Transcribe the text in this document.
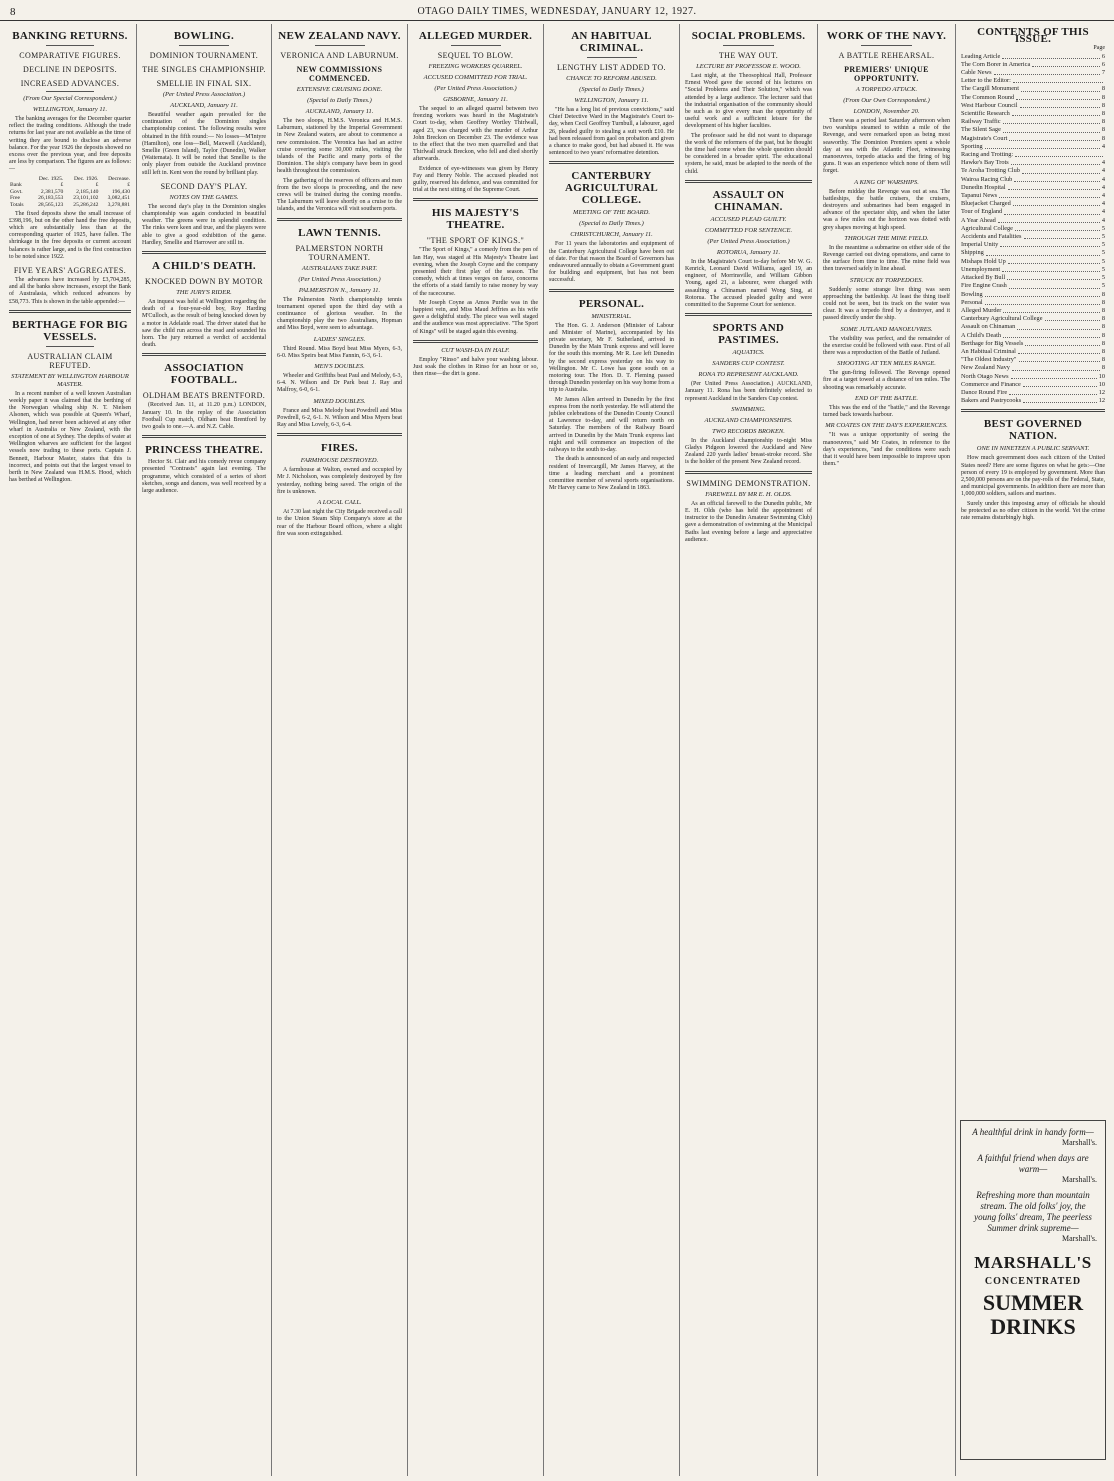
8	OTAGO DAILY TIMES, WEDNESDAY, JANUARY 12, 1927.
BANKING RETURNS.
COMPARATIVE FIGURES.
DECLINE IN DEPOSITS.
INCREASED ADVANCES.
(From Our Special Correspondent.)
WELLINGTON, January 11.

The banking averages for the December quarter reflect the trading conditions. Although the trade returns for last year are not available as the time of writing they are bound to disclose an adverse balance. For the year 1926 the deposits showed no excess over the previous year, and free deposits are less by comparison. The figures are as follows:—

	Dec. 1925.	Dec. 1926.	Decrease.
Bank	£	£	£
Govt.	2,381,570	2,185,140	196,430
Free	26,183,553	23,101,102	3,082,451
Totals	28,565,123	25,286,242	3,278,881

The fixed deposits show the small increase of £398,196, but on the other hand the free deposits, which are substantially less than at the corresponding quarter of 1925, have fallen. The shrinkage in the free deposits or current account balances is rather large, and is the first contraction to be noted since 1922.

FIVE YEARS' AGGREGATES.

The advances have increased by £3,704,285, and all the banks show increases, except the Bank of Australasia, which reduced advances by £58,773. This is shown in the table appended:—

BERTHAGE FOR BIG VESSELS.
AUSTRALIAN CLAIM REFUTED.
STATEMENT BY WELLINGTON HARBOUR MASTER.

In a recent number of a well known Australian weekly paper it was claimed that the berthing of the Norwegian whaling ship N. T. Nielsen Alsonen, which was possible at Queen's Wharf, Wellington, had never been achieved at any other wharf in Australia or New Zealand, with the exception of one at Sydney. The depths of water at Wellington wharves are sufficient for the largest vessels now trading to these ports. Captain J. Bennett, Harbour Master, states that this is incorrect, and points out that the largest vessel to berth in New Zealand was H.M.S. Hood, which has berthed at Wellington.

BOWLING.
DOMINION TOURNAMENT.
THE SINGLES CHAMPIONSHIP.
SMELLIE IN FINAL SIX.
(Per United Press Association.)
AUCKLAND, January 11.

Beautiful weather again prevailed for the continuation of the Dominion singles championship contest. The following results were obtained in the fifth round:— No losses—M'Intyre (Hamilton), one loss—Bell, Maxwell (Auckland), Smellie (Green Island), Taylor (Dunedin), Walker (Waitemata). It will be noted that Smellie is the only player from outside the Auckland province still left in. Kent won the round by brilliant play.

SECOND DAY'S PLAY.
NOTES ON THE GAMES.

The second day's play in the Dominion singles championship was again conducted in beautiful weather. The greens were in splendid condition. The rinks were keen and true, and the players were able to give a good exhibition of the game. Hardley, Smellie and Harrower are still in.

A CHILD'S DEATH.
KNOCKED DOWN BY MOTOR
THE JURY'S RIDER.

An inquest was held at Wellington regarding the death of a four-year-old boy, Roy Harding M'Culloch, as the result of being knocked down by a motor in Adelaide road. The driver stated that he saw the child run across the road and sounded his horn. The jury returned a verdict of accidental death.

ASSOCIATION FOOTBALL.
OLDHAM BEATS BRENTFORD.

(Received Jan. 11, at 11.20 p.m.) LONDON, January 10. In the replay of the Association Football Cup match, Oldham beat Brentford by two goals to one.—A. and N.Z. Cable.

PRINCESS THEATRE.

Hector St. Clair and his comedy revue company presented "Contrasts" again last evening. The programme, which consisted of a series of short sketches, songs and dances, was well received by a large audience.

NEW ZEALAND NAVY.
VERONICA AND LABURNUM.
NEW COMMISSIONS COMMENCED.
EXTENSIVE CRUISING DONE.
(Special to Daily Times.)
AUCKLAND, January 11.

The two sloops, H.M.S. Veronica and H.M.S. Laburnum, stationed by the Imperial Government in New Zealand waters, are about to commence a new commission. The Veronica has had an active cruise covering some 30,000 miles, visiting the islands of the Pacific and many ports of the Dominion. The ship's company have been in good health throughout the commission.

The gathering of the reserves of officers and men from the two sloops is proceeding, and the new crews will be trained during the coming months. The Laburnum will leave shortly on a cruise to the islands, and the Veronica will visit southern ports.

LAWN TENNIS.
PALMERSTON NORTH TOURNAMENT.
AUSTRALIANS TAKE PART.
(Per United Press Association.)
PALMERSTON N., January 11.

The Palmerston North championship tennis tournament opened upon the third day with a continuance of glorious weather. In the championship play the two Australians, Hopman and Miss Boyd, were seen to advantage.

LADIES' SINGLES.

Third Round. Miss Boyd beat Miss Myers, 6-3, 6-0. Miss Speirs beat Miss Fannin, 6-3, 6-1.

MEN'S DOUBLES.

Wheeler and Griffiths beat Paul and Melody, 6-3, 6-4. N. Wilson and Dr Park beat J. Ray and Malfroy, 6-0, 6-1.

MIXED DOUBLES.

France and Miss Melody beat Powdrell and Miss Powdrell, 6-2, 6-1. N. Wilson and Miss Myers beat Ray and Miss Lovely, 6-3, 6-4.

FIRES.
FARMHOUSE DESTROYED.

A farmhouse at Walton, owned and occupied by Mr J. Nicholson, was completely destroyed by fire yesterday, nothing being saved. The origin of the fire is unknown.

A LOCAL CALL.

At 7.30 last night the City Brigade received a call to the Union Steam Ship Company's store at the rear of the Harbour Board offices, where a slight fire was soon extinguished.

ALLEGED MURDER.
SEQUEL TO BLOW.
FREEZING WORKERS QUARREL.
ACCUSED COMMITTED FOR TRIAL.
(Per United Press Association.)
GISBORNE, January 11.

The sequel to an alleged quarrel between two freezing workers was heard in the Magistrate's Court to-day, when Geoffrey Wortley Thirlwall, aged 23, was charged with the murder of Arthur John Breckon on December 23. The evidence was to the effect that the two men quarrelled and that Thirlwall struck Breckon, who fell and died shortly afterwards.

Evidence of eye-witnesses was given by Henry Fay and Henry Noble. The accused pleaded not guilty, reserved his defence, and was committed for trial at the next sitting of the Supreme Court.

HIS MAJESTY'S THEATRE.
"THE SPORT OF KINGS."

"The Sport of Kings," a comedy from the pen of Ian Hay, was staged at His Majesty's Theatre last evening, when the Joseph Coyne and the company presented their first play of the season. The comedy, which at times verges on farce, concerns the efforts of a staid family to raise money by way of the racecourse.

Mr Joseph Coyne as Amos Purdie was in the happiest vein, and Miss Maud Jeffries as his wife gave a delightful study. The piece was well staged and the audience was most appreciative. "The Sport of Kings" will be staged again this evening.

CUT WASH-DA IN HALF.

Employ "Rinso" and halve your washing labour. Just soak the clothes in Rinso for an hour or so, then rinse—the dirt is gone.

AN HABITUAL CRIMINAL.
LENGTHY LIST ADDED TO.
CHANCE TO REFORM ABUSED.
(Special to Daily Times.)
WELLINGTON, January 11.

"He has a long list of previous convictions," said Chief Detective Ward in the Magistrate's Court to-day, when Cecil Geoffrey Turnbull, a labourer, aged 26, pleaded guilty to stealing a suit worth £10. He had been released from gaol on probation and given a chance to make good, but had abused it. He was sentenced to two years' reformative detention.

CANTERBURY AGRICULTURAL COLLEGE.
MEETING OF THE BOARD.
(Special to Daily Times.)
CHRISTCHURCH, January 11.

For 11 years the laboratories and equipment of the Canterbury Agricultural College have been out of date. For that reason the Board of Governors has endeavoured annually to obtain a Government grant for building and equipment, but has not been successful.

PERSONAL.
MINISTERIAL.

The Hon. G. J. Anderson (Minister of Labour and Minister of Marine), accompanied by his private secretary, Mr F. Sutherland, arrived in Dunedin by the Main Trunk express and will leave for the south this morning. Mr R. Lee left Dunedin by the second express yesterday on his way to Wellington. Mr C. Lowe has gone south on a motoring tour. The Hon. D. T. Fleming passed through Dunedin yesterday on his way home from a trip to Australia.

Mr James Allen arrived in Dunedin by the first express from the north yesterday. He will attend the jubilee celebrations of the Dunedin County Council at Lawrence to-day, and will return north on Saturday. The members of the Railway Board arrived in Dunedin by the Main Trunk express last night and will commence an inspection of the railways to the south to-day.

The death is announced of an early and respected resident of Invercargill, Mr James Harvey, at the time a leading merchant and a prominent committee member of several sports organisations. Mr Harvey came to New Zealand in 1863.

SOCIAL PROBLEMS.
THE WAY OUT.
LECTURE BY PROFESSOR E. WOOD.

Last night, at the Theosophical Hall, Professor Ernest Wood gave the second of his lectures on "Social Problems and Their Solution," which was attended by a large audience. The lecturer said that the industrial organisation of the community should be such as to give every man the opportunity of useful work and a sufficient leisure for the development of his higher faculties.

The professor said he did not want to disparage the work of the reformers of the past, but he thought the time had come when the whole question should be considered in a broader spirit. The educational system, he said, must be adapted to the needs of the child.

ASSAULT ON CHINAMAN.
ACCUSED PLEAD GUILTY.
COMMITTED FOR SENTENCE.
(Per United Press Association.)
ROTORUA, January 11.

In the Magistrate's Court to-day before Mr W. G. Kenrick, Leonard David Williams, aged 19, an engineer, of Morrinsville, and William Gibbon Young, aged 21, a labourer, were charged with assaulting a Chinaman named Wong Sing, at Rotorua. The accused pleaded guilty and were committed to the Supreme Court for sentence.

SPORTS AND PASTIMES.
AQUATICS.
SANDERS CUP CONTEST.
RONA TO REPRESENT AUCKLAND.

(Per United Press Association.) AUCKLAND, January 11. Rona has been definitely selected to represent Auckland in the Sanders Cup contest.

SWIMMING.
AUCKLAND CHAMPIONSHIPS.
TWO RECORDS BROKEN.

In the Auckland championship to-night Miss Gladys Pidgeon lowered the Auckland and New Zealand 220 yards ladies' breast-stroke record. She is the holder of the present New Zealand record.

SWIMMING DEMONSTRATION.
FAREWELL BY MR E. H. OLDS.

As an official farewell to the Dunedin public, Mr E. H. Olds (who has held the appointment of instructor to the Dunedin Amateur Swimming Club) gave a demonstration of swimming at the Municipal Baths last evening before a large and appreciative audience.

WORK OF THE NAVY.
A BATTLE REHEARSAL.
PREMIERS' UNIQUE OPPORTUNITY.
A TORPEDO ATTACK.
(From Our Own Correspondent.)
LONDON, November 20.

There was a period last Saturday afternoon when two warships steamed to within a mile of the Revenge, and were remarked upon as being most seaworthy. The Dominion Premiers spent a whole day at sea with the Atlantic Fleet, witnessing manoeuvres, torpedo attacks and the firing of big guns. It was an experience which none of them will forget.

A KING OF WARSHIPS.

Before midday the Revenge was out at sea. The battleships, the battle cruisers, the cruisers, destroyers and submarines had been engaged in advance of the spectator ship, and when the latter was a few miles out the horizon was dotted with grey shapes moving at high speed.

THROUGH THE MINE FIELD.

In the meantime a submarine on either side of the Revenge carried out diving operations, and came to the surface from time to time. The mine field was then traversed safely in line ahead.

STRUCK BY TORPEDOES.

Suddenly some strange live thing was seen approaching the battleship. At least the thing itself could not be seen, but its track on the water was clear. It was a torpedo fired by a destroyer, and it passed directly under the ship.

SOME JUTLAND MANOEUVRES.

The visibility was perfect, and the remainder of the exercise could be followed with ease. First of all there was a reproduction of the Battle of Jutland.

SHOOTING AT TEN MILES RANGE.

The gun-firing followed. The Revenge opened fire at a target towed at a distance of ten miles. The shooting was remarkably accurate.

END OF THE BATTLE.

This was the end of the "battle," and the Revenge turned back towards harbour.

MR COATES ON THE DAY'S EXPERIENCES.

"It was a unique opportunity of seeing the manoeuvres," said Mr Coates, in reference to the day's experiences, "and the conditions were such that it would have been impossible to improve upon them."

CONTENTS OF THIS ISSUE.
Page
Leading Article	6
The Corn Borer in America	6
Cable News	7
Letter to the Editor:
The Cargill Monument	8
The Common Round	8
West Harbour Council	8
Scientific Research	8
Railway Traffic	8
The Silent Sage	8
Magistrate's Court	8
Sporting	4
Racing and Trotting:
Hawke's Bay Trots	4
Te Aroha Trotting Club	4
Wairoa Racing Club	4
Dunedin Hospital	4
Tapanui News	4
Bluejacket Charged	4
Tour of England	4
A Year Ahead	4
Agricultural College	5
Accidents and Fatalities	5
Imperial Unity	5
Shipping	5
Mishaps Hold Up	5
Unemployment	5
Attacked By Bull	5
Fire Engine Crash	5
Bowling	8
Personal	8
Alleged Murder	8
Canterbury Agricultural College	8
Assault on Chinaman	8
A Child's Death	8
Berthage for Big Vessels	8
An Habitual Criminal	8
"The Oldest Industry"	8
New Zealand Navy	8
North Otago News	10
Commerce and Finance	10
Dance Round Fire	12
Bakers and Pastrycooks	12
BEST GOVERNED NATION.
ONE IN NINETEEN A PUBLIC SERVANT.

How much government does each citizen of the United States need? Here are some figures on what he gets:—One person of every 19 is employed by government. More than 2,500,000 persons are on the pay-rolls of the Federal, State, and municipal governments. In addition there are more than 1,000,000 soldiers, sailors and marines.

Surely under this imposing array of officials he should be protected as no other citizen in the world. Yet the crime rate remains disturbingly high.

A healthful drink in handy form—
Marshall's.
A faithful friend when days are warm—
Marshall's.
Refreshing more than mountain stream. The old folks' joy, the young folks' dream, The peerless Summer drink supreme—
Marshall's.
MARSHALL'S
CONCENTRATED
SUMMER
DRINKS
